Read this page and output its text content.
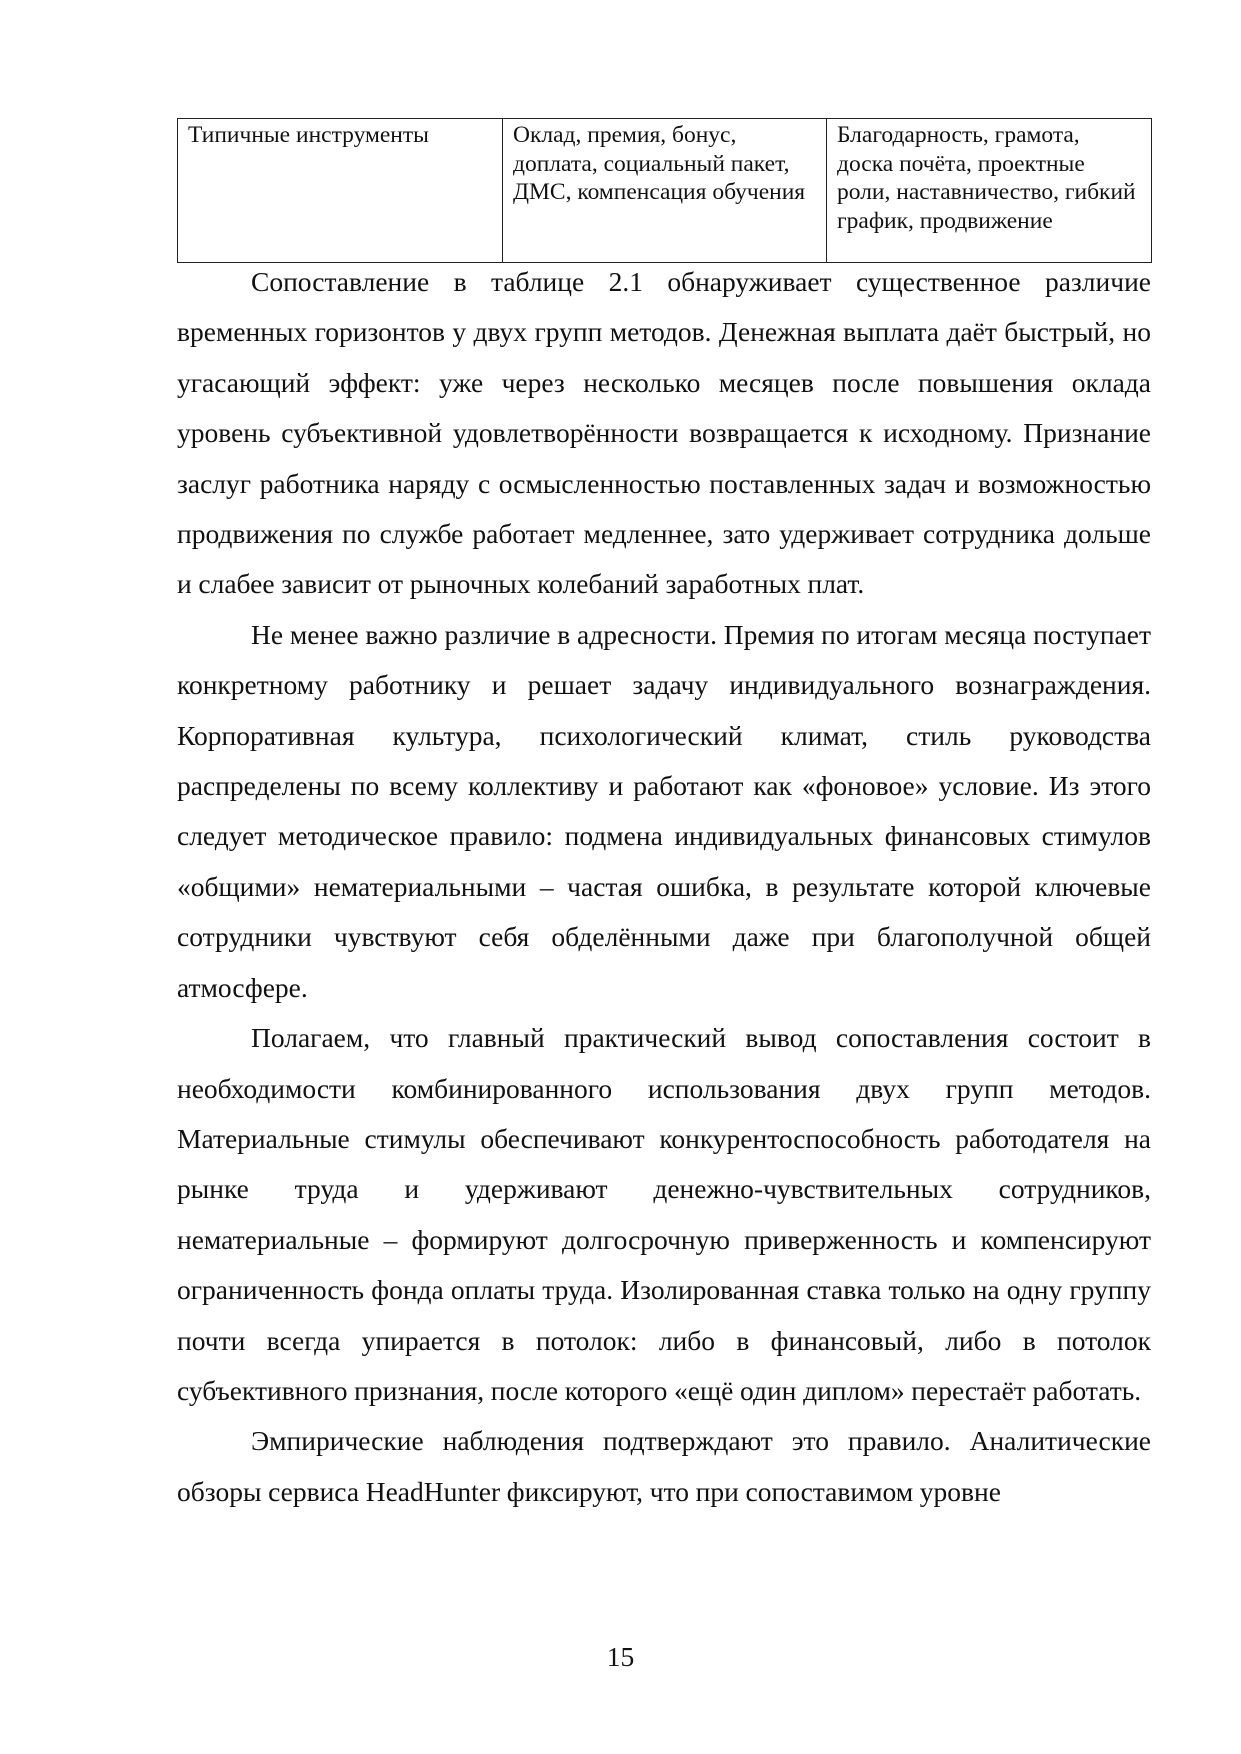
Типичные инструменты	Оклад, премия, бонус, доплата, социальный пакет, ДМС, компенсация обучения	Благодарность, грамота, доска почёта, проектные роли, наставничество, гибкий график, продвижение

Сопоставление в таблице 2.1 обнаруживает существенное различие временных горизонтов у двух групп методов. Денежная выплата даёт быстрый, но угасающий эффект: уже через несколько месяцев после повышения оклада уровень субъективной удовлетворённости возвращается к исходному. Признание заслуг работника наряду с осмысленностью поставленных задач и возможностью продвижения по службе работает медленнее, зато удерживает сотрудника дольше и слабее зависит от рыночных колебаний заработных плат.

Не менее важно различие в адресности. Премия по итогам месяца поступает конкретному работнику и решает задачу индивидуального вознаграждения. Корпоративная культура, психологический климат, стиль руководства распределены по всему коллективу и работают как «фоновое» условие. Из этого следует методическое правило: подмена индивидуальных финансовых стимулов «общими» нематериальными – частая ошибка, в результате которой ключевые сотрудники чувствуют себя обделёнными даже при благополучной общей атмосфере.

Полагаем, что главный практический вывод сопоставления состоит в необходимости комбинированного использования двух групп методов. Материальные стимулы обеспечивают конкурентоспособность работодателя на рынке труда и удерживают денежно-чувствительных сотрудников, нематериальные – формируют долгосрочную приверженность и компенсируют ограниченность фонда оплаты труда. Изолированная ставка только на одну группу почти всегда упирается в потолок: либо в финансовый, либо в потолок субъективного признания, после которого «ещё один диплом» перестаёт работать.

Эмпирические наблюдения подтверждают это правило. Аналитические обзоры сервиса HeadHunter фиксируют, что при сопоставимом уровне

15
